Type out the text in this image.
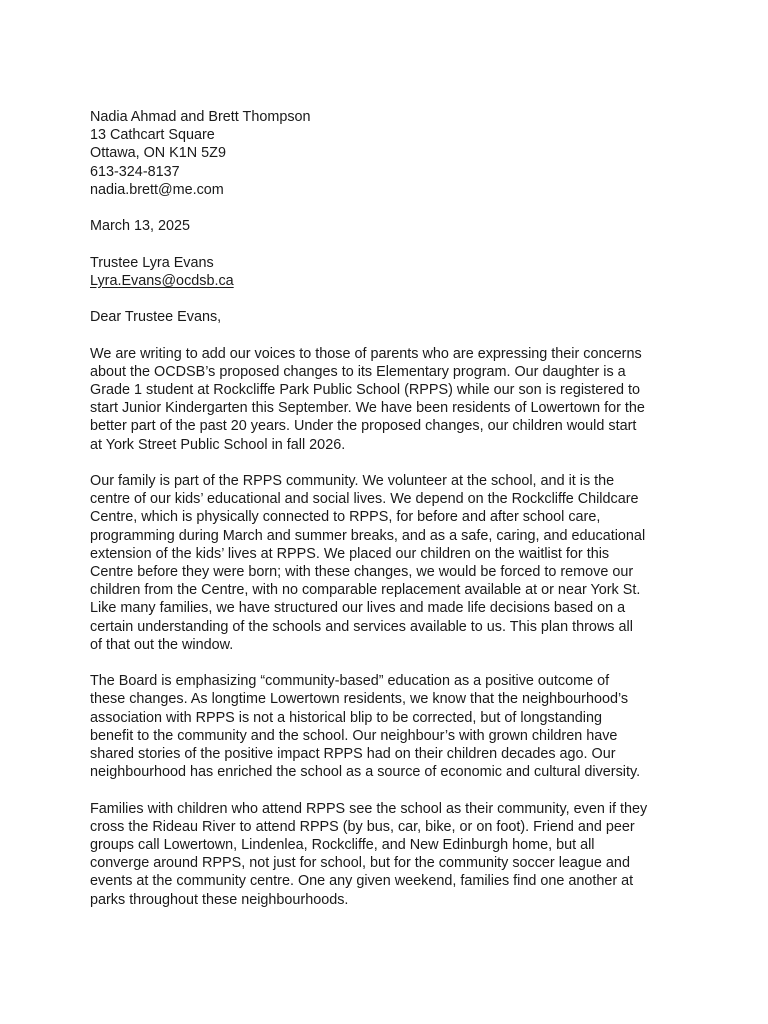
Nadia Ahmad and Brett Thompson
13 Cathcart Square
Ottawa, ON K1N 5Z9
613-324-8137
nadia.brett@me.com
March 13, 2025
Trustee Lyra Evans
Lyra.Evans@ocdsb.ca
Dear Trustee Evans,
We are writing to add our voices to those of parents who are expressing their concerns
about the OCDSB’s proposed changes to its Elementary program. Our daughter is a
Grade 1 student at Rockcliffe Park Public School (RPPS) while our son is registered to
start Junior Kindergarten this September. We have been residents of Lowertown for the
better part of the past 20 years. Under the proposed changes, our children would start
at York Street Public School in fall 2026.
Our family is part of the RPPS community. We volunteer at the school, and it is the
centre of our kids’ educational and social lives. We depend on the Rockcliffe Childcare
Centre, which is physically connected to RPPS, for before and after school care,
programming during March and summer breaks, and as a safe, caring, and educational
extension of the kids’ lives at RPPS. We placed our children on the waitlist for this
Centre before they were born; with these changes, we would be forced to remove our
children from the Centre, with no comparable replacement available at or near York St.
Like many families, we have structured our lives and made life decisions based on a
certain understanding of the schools and services available to us. This plan throws all
of that out the window.
The Board is emphasizing “community-based” education as a positive outcome of
these changes. As longtime Lowertown residents, we know that the neighbourhood’s
association with RPPS is not a historical blip to be corrected, but of longstanding
benefit to the community and the school. Our neighbour’s with grown children have
shared stories of the positive impact RPPS had on their children decades ago. Our
neighbourhood has enriched the school as a source of economic and cultural diversity.
Families with children who attend RPPS see the school as their community, even if they
cross the Rideau River to attend RPPS (by bus, car, bike, or on foot). Friend and peer
groups call Lowertown, Lindenlea, Rockcliffe, and New Edinburgh home, but all
converge around RPPS, not just for school, but for the community soccer league and
events at the community centre. One any given weekend, families find one another at
parks throughout these neighbourhoods.
